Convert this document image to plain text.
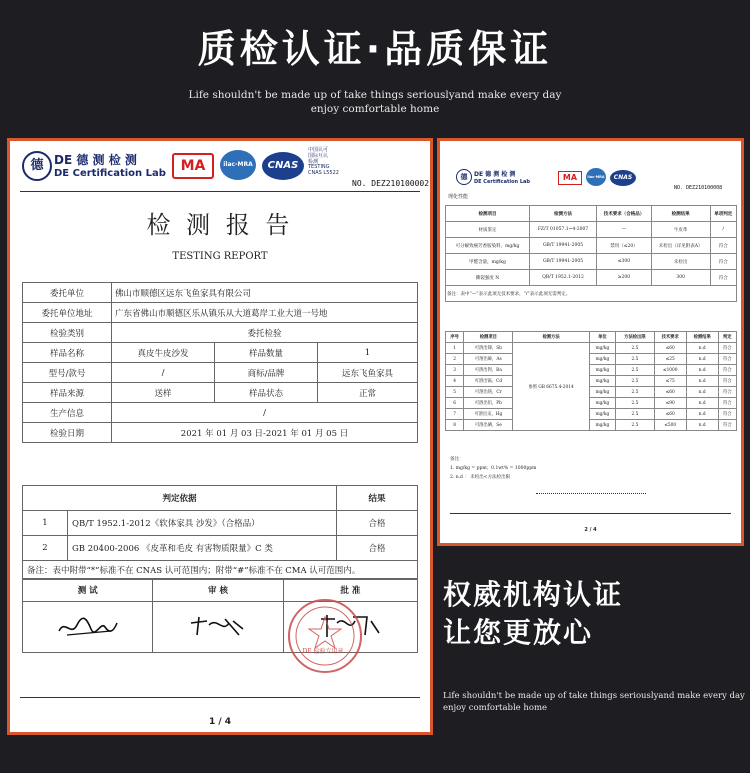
质检认证·品质保证
Life shouldn't be made up of take things seriouslyand make every day
enjoy comfortable home
德 DE 德 测 检 测
DE Certification Lab	MA	ilac-MRA	CNAS
中国认可
国际互认
检测
TESTING
CNAS L5522
NO. DEZ210100002
检 测 报 告
TESTING REPORT
委托单位	佛山市顺德区远东飞鱼家具有限公司		
委托单位地址	广东省佛山市顺德区乐从镇乐从大道葛岸工业大道一号地		
检验类别	委托检验		
样品名称	真皮牛皮沙发	样品数量	1
型号/款号	/	商标/品牌	远东飞鱼家具
样品来源	送样	样品状态	正常
生产信息	/		
检验日期	2021 年 01 月 03 日-2021 年 01 月 05 日		
判定依据		结果
1	QB/T 1952.1-2012《软体家具 沙发》（合格品）	合格
2	GB 20400-2006 《皮革和毛皮 有害物质限量》C 类	合格
备注：表中附带“*”标准不在 CNAS 认可范围内；附带“#”标准不在 CMA 认可范围内。		
测 试	审 核	批 准

DE 检验专用章
1 / 4
德	DE 德 测 检 测
DE Certification Lab	MA	ilac-MRA	CNAS
NO. DEZ210100008
理化性能
检测项目	检测方法	技术要求（合格品）	检测结果	单项判定
材质鉴定	FZ/T 01057.1~4-2007	—	牛皮革	/
可分解致癌芳香胺染料，mg/kg	GB/T 19941-2005	禁用（≤20）	未检出（详见附表A）	符合
甲醛含量，mg/kg	GB/T 19941-2005	≤300	未检出	符合
撕裂强度 N	QB/T 1952.1-2012	≥200	300	符合
备注：表中“—”表示此项无技术要求，“/”表示此项无需判定。				
序号	检测项目	检测方法	单位	方法检出限	技术要求	检测结果	判定
1	可溶出锑，Sb	参照 GB 6675.4-2014	mg/kg	2.5	≤60	n.d	符合
2	可溶出砷，As		mg/kg	2.5	≤25	n.d	符合
3	可溶出钡，Ba		mg/kg	2.5	≤1000	n.d	符合
4	可溶出镉，Cd		mg/kg	2.5	≤75	n.d	符合
5	可溶出铬，Cr		mg/kg	2.5	≤60	n.d	符合
6	可溶出铅，Pb		mg/kg	2.5	≤90	n.d	符合
7	可溶出汞，Hg		mg/kg	2.5	≤60	n.d	符合
8	可溶出硒，Se		mg/kg	2.5	≤500	n.d	符合
备注：
1. mg/kg = ppm；0.1wt% = 1000ppm
2. n.d ： 未检出<方法检出限
2 / 4
权威机构认证
让您更放心
Life shouldn't be made up of take things seriouslyand make every day
enjoy comfortable home
